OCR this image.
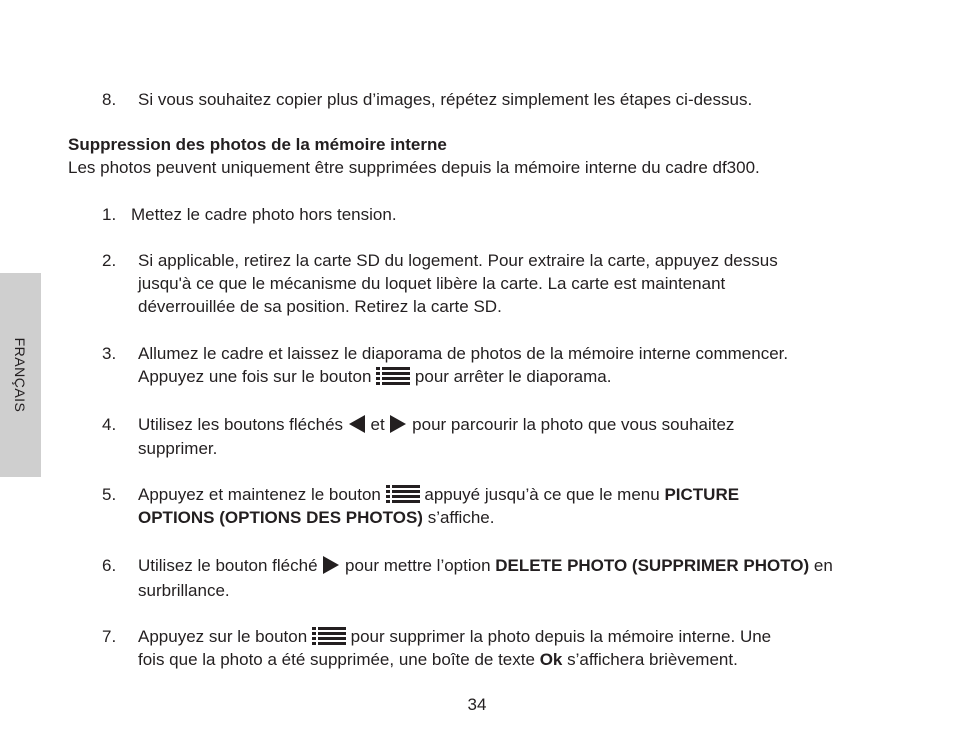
FRANÇAIS
8. Si vous souhaitez copier plus d’images, répétez simplement les étapes ci-dessus.
Suppression des photos de la mémoire interne
Les photos peuvent uniquement être supprimées depuis la mémoire interne du cadre df300.
1. Mettez le cadre photo hors tension.
2. Si applicable, retirez la carte SD du logement. Pour extraire la carte, appuyez dessus
jusqu'à ce que le mécanisme du loquet libère la carte. La carte est maintenant
déverrouillée de sa position. Retirez la carte SD.
3. Allumez le cadre et laissez le diaporama de photos de la mémoire interne commencer.
Appuyez une fois sur le bouton	pour arrêter le diaporama.
4. Utilisez les boutons fléchés et pour parcourir la photo que vous souhaitez
supprimer.
5. Appuyez et maintenez le bouton	appuyé jusqu’à ce que le menu PICTURE
OPTIONS (OPTIONS DES PHOTOS) s’affiche.
6. Utilisez le bouton fléché pour mettre l’option DELETE PHOTO (SUPPRIMER PHOTO) en
surbrillance.
7. Appuyez sur le bouton	pour supprimer la photo depuis la mémoire interne. Une
fois que la photo a été supprimée, une boîte de texte Ok s’affichera brièvement.
34
